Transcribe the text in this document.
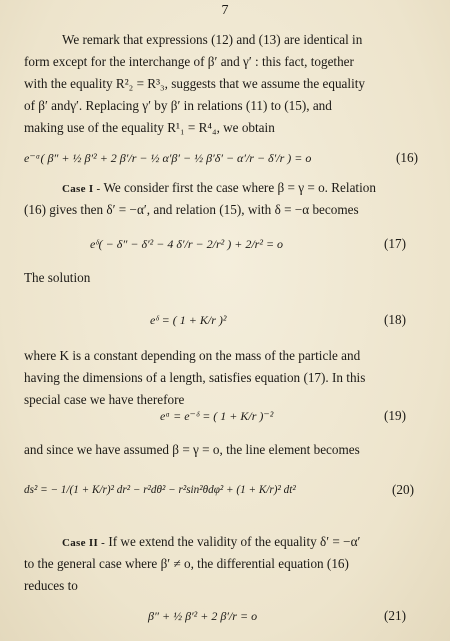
7
We remark that expressions (12) and (13) are identical in
form except for the interchange of β′ and γ′ : this fact, together
with the equality R²₂ = R³₃, suggests that we assume the equality
of β′ andγ′. Replacing γ′ by β′ in relations (11) to (15), and
making use of the equality R¹₁ = R⁴₄, we obtain
e⁻ᵅ( β″ + ½ β′² + 2 β′/r − ½ α′β′ − ½ β′δ′ − α′/r − δ′/r ) = o	(16)
Case I - We consider first the case where β = γ = o. Relation
(16) gives then δ′ = −α′, and relation (15), with δ = −α becomes
eᵟ( − δ″ − δ′² − 4 δ′/r − 2/r² ) + 2/r² = o	(17)
The solution
eᵟ = ( 1 + K/r )²	(18)
where K is a constant depending on the mass of the particle and
having the dimensions of a length, satisfies equation (17). In this
special case we have therefore
eᵅ = e⁻ᵟ = ( 1 + K/r )⁻²	(19)
and since we have assumed β = γ = o, the line element becomes
ds² = − 1/(1 + K/r)² dr² − r²dθ² − r²sin²θdφ² + (1 + K/r)² dt²	(20)
Case II - If we extend the validity of the equality δ′ = −α′
to the general case where β′ ≠ o, the differential equation (16)
reduces to
β″ + ½ β′² + 2 β′/r = o	(21)
